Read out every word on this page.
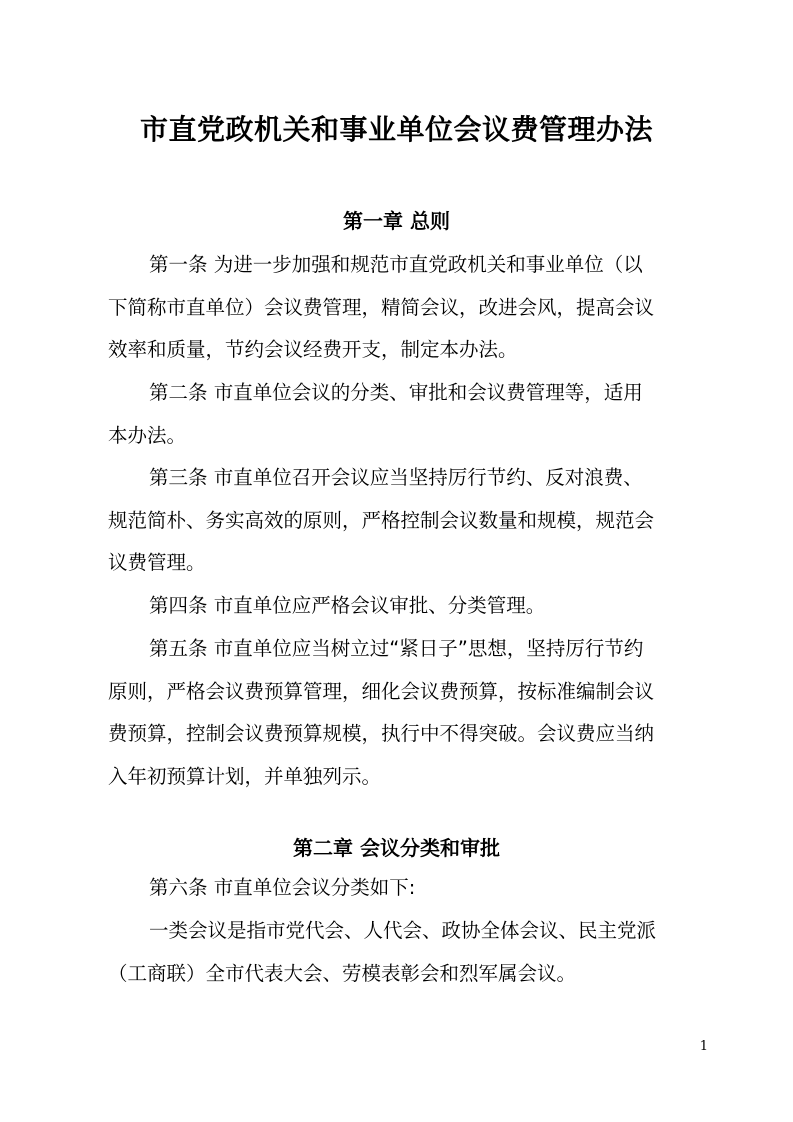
市直党政机关和事业单位会议费管理办法
第一章 总则

第一条 为进一步加强和规范市直党政机关和事业单位（以
下简称市直单位）会议费管理，精简会议，改进会风，提高会议
效率和质量，节约会议经费开支，制定本办法。

第二条 市直单位会议的分类、审批和会议费管理等，适用
本办法。

第三条 市直单位召开会议应当坚持厉行节约、反对浪费、
规范简朴、务实高效的原则，严格控制会议数量和规模，规范会
议费管理。

第四条 市直单位应严格会议审批、分类管理。

第五条 市直单位应当树立过“紧日子”思想，坚持厉行节约
原则，严格会议费预算管理，细化会议费预算，按标准编制会议
费预算，控制会议费预算规模，执行中不得突破。会议费应当纳
入年初预算计划，并单独列示。

第二章 会议分类和审批

第六条 市直单位会议分类如下:

一类会议是指市党代会、人代会、政协全体会议、民主党派
（工商联）全市代表大会、劳模表彰会和烈军属会议。

1
